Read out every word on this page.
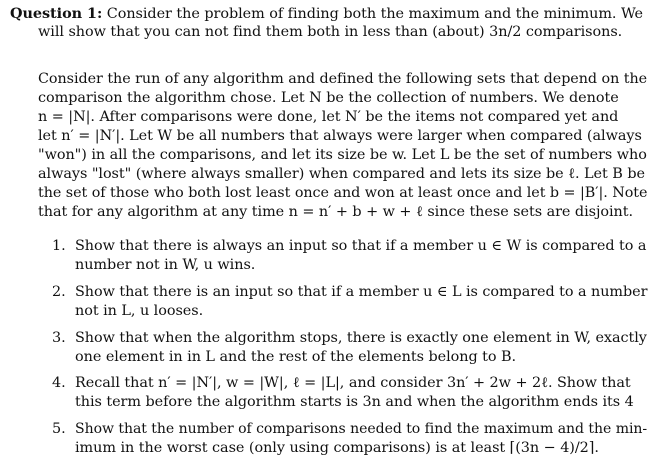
Question 1: Consider the problem of finding both the maximum and the minimum. We
will show that you can not find them both in less than (about) 3n/2 comparisons.
Consider the run of any algorithm and defined the following sets that depend on the
comparison the algorithm chose. Let N be the collection of numbers. We denote
n = |N|. After comparisons were done, let N′ be the items not compared yet and
let n′ = |N′|. Let W be all numbers that always were larger when compared (always
"won") in all the comparisons, and let its size be w. Let L be the set of numbers who
always "lost" (where always smaller) when compared and lets its size be ℓ. Let B be
the set of those who both lost least once and won at least once and let b = |B′|. Note
that for any algorithm at any time n = n′ + b + w + ℓ since these sets are disjoint.
1. Show that there is always an input so that if a member u ∈ W is compared to a
number not in W, u wins.
2. Show that there is an input so that if a member u ∈ L is compared to a number
not in L, u looses.
3. Show that when the algorithm stops, there is exactly one element in W, exactly
one element in in L and the rest of the elements belong to B.
4. Recall that n′ = |N′|, w = |W|, ℓ = |L|, and consider 3n′ + 2w + 2ℓ. Show that
this term before the algorithm starts is 3n and when the algorithm ends its 4
5. Show that the number of comparisons needed to find the maximum and the min-
imum in the worst case (only using comparisons) is at least ⌈(3n − 4)/2⌉.
